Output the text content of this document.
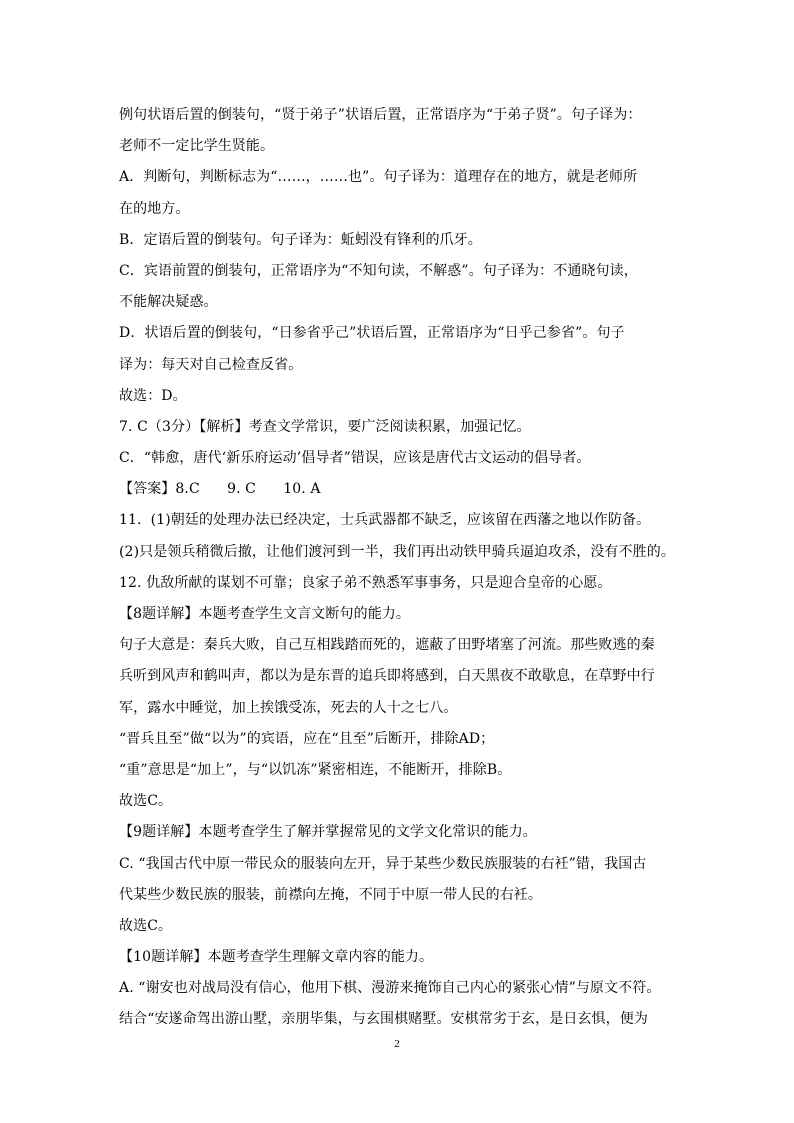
例句状语后置的倒装句，“贤于弟子”状语后置，正常语序为“于弟子贤”。句子译为：
老师不一定比学生贤能。
A．判断句，判断标志为“……，……也”。句子译为：道理存在的地方，就是老师所
在的地方。
B．定语后置的倒装句。句子译为：蚯蚓没有锋利的爪牙。
C．宾语前置的倒装句，正常语序为“不知句读，不解惑”。句子译为：不通晓句读，
不能解决疑惑。
D．状语后置的倒装句，“日参省乎己”状语后置，正常语序为“日乎己参省”。句子
译为：每天对自己检查反省。
故选：D。
7. C（3分）【解析】考查文学常识，要广泛阅读积累，加强记忆。
C．“韩愈，唐代‘新乐府运动’倡导者”错误，应该是唐代古文运动的倡导者。
【答案】8.C      9. C      10. A
11.  (1)朝廷的处理办法已经决定，士兵武器都不缺乏，应该留在西藩之地以作防备。
(2)只是领兵稍微后撤，让他们渡河到一半，我们再出动铁甲骑兵逼迫攻杀，没有不胜的。
12. 仇敌所献的谋划不可靠；良家子弟不熟悉军事事务，只是迎合皇帝的心愿。
【8题详解】本题考查学生文言文断句的能力。
句子大意是：秦兵大败，自己互相践踏而死的，遮蔽了田野堵塞了河流。那些败逃的秦
兵听到风声和鹤叫声，都以为是东晋的追兵即将感到，白天黑夜不敢歇息，在草野中行
军，露水中睡觉，加上挨饿受冻，死去的人十之七八。
“晋兵且至”做“以为”的宾语，应在“且至”后断开，排除AD；
“重”意思是“加上”，与“以饥冻”紧密相连，不能断开，排除B。
故选C。
【9题详解】本题考查学生了解并掌握常见的文学文化常识的能力。
C. “我国古代中原一带民众的服装向左开，异于某些少数民族服装的右衽”错，我国古
代某些少数民族的服装，前襟向左掩，不同于中原一带人民的右衽。
故选C。
【10题详解】本题考查学生理解文章内容的能力。
A. “谢安也对战局没有信心，他用下棋、漫游来掩饰自己内心的紧张心情”与原文不符。
结合“安遂命驾出游山墅，亲朋毕集，与玄围棋赌墅。安棋常劣于玄，是日玄惧，便为
2
